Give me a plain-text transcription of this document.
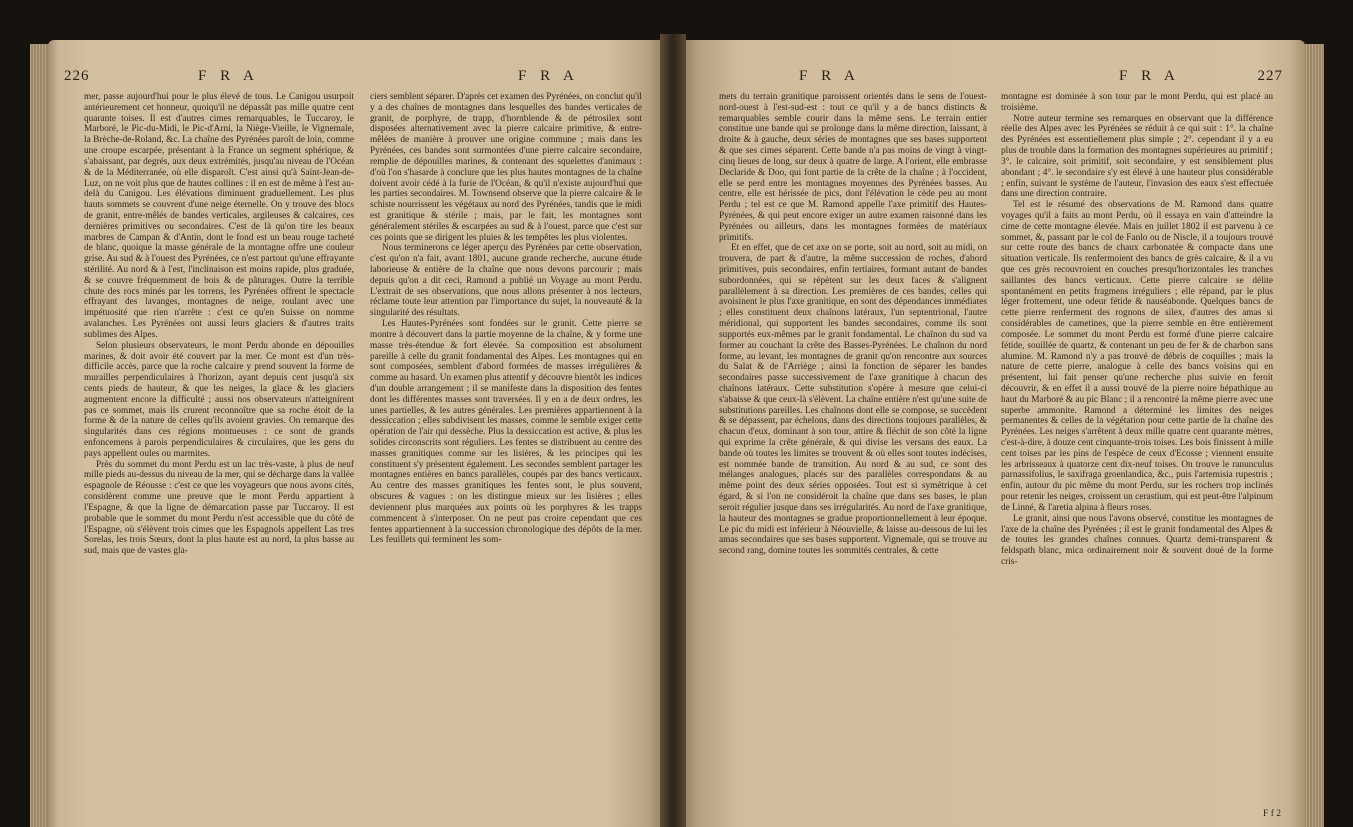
226	F R A	F R A

mer, passe aujourd'hui pour le plus élevé de tous. Le Canigou usurpoit antérieurement cet honneur, quoiqu'il ne dépassât pas mille quatre cent quarante toises. Il est d'autres cimes remarquables, le Tuccaroy, le Marboré, le Pic-du-Midi, le Pic-d'Arni, la Niège-Vieille, le Vignemale, la Brèche-de-Roland, &c. La chaîne des Pyrénées paroît de loin, comme une croupe escarpée, présentant à la France un segment sphérique, & s'abaissant, par degrés, aux deux extrémités, jusqu'au niveau de l'Océan & de la Méditerranée, où elle disparoît. C'est ainsi qu'à Saint-Jean-de-Luz, on ne voit plus que de hautes collines : il en est de même à l'est au-delà du Canigou. Les élévations diminuent graduellement. Les plus hauts sommets se couvrent d'une neige éternelle. On y trouve des blocs de granit, entre-mêlés de bandes verticales, argileuses & calcaires, ces dernières primitives ou secondaires. C'est de là qu'on tire les beaux marbres de Campan & d'Antin, dont le fond est un beau rouge tacheté de blanc, quoique la masse générale de la montagne offre une couleur grise. Au sud & à l'ouest des Pyrénées, ce n'est partout qu'une effrayante stérilité. Au nord & à l'est, l'inclinaison est moins rapide, plus graduée, & se couvre fréquemment de bois & de pâturages. Outre la terrible chute des rocs minés par les torrens, les Pyrénées offrent le spectacle effrayant des lavanges, montagnes de neige, roulant avec une impétuosité que rien n'arrête : c'est ce qu'en Suisse on nomme avalanches. Les Pyrénées ont aussi leurs glaciers & d'autres traits sublimes des Alpes.

Selon plusieurs observateurs, le mont Perdu abonde en dépouilles marines, & doit avoir été couvert par la mer. Ce mont est d'un très-difficile accès, parce que la roche calcaire y prend souvent la forme de murailles perpendiculaires à l'horizon, ayant depuis cent jusqu'à six cents pieds de hauteur, & que les neiges, la glace & les glaciers augmentent encore la difficulté ; aussi nos observateurs n'atteignirent pas ce sommet, mais ils crurent reconnoître que sa roche étoit de la forme & de la nature de celles qu'ils avoient gravies. On remarque des singularités dans ces régions montueuses : ce sont de grands enfoncemens à parois perpendiculaires & circulaires, que les gens du pays appellent oules ou marmites.

Près du sommet du mont Perdu est un lac très-vaste, à plus de neuf mille pieds au-dessus du niveau de la mer, qui se décharge dans la vallée espagnole de Réousse : c'est ce que les voyageurs que nous avons cités, considèrent comme une preuve que le mont Perdu appartient à l'Espagne, & que la ligne de démarcation passe par Tuccaroy. Il est probable que le sommet du mont Perdu n'est accessible que du côté de l'Espagne, où s'élèvent trois cimes que les Espagnols appellent Las tres Sorelas, les trois Sœurs, dont la plus haute est au nord, la plus basse au sud, mais que de vastes gla-

ciers semblent séparer. D'après cet examen des Pyrénées, on conclut qu'il y a des chaînes de montagnes dans lesquelles des bandes verticales de granit, de porphyre, de trapp, d'hornblende & de pétrosilex sont disposées alternativement avec la pierre calcaire primitive, & entre-mêlées de manière à prouver une origine commune ; mais dans les Pyrénées, ces bandes sont surmontées d'une pierre calcaire secondaire, remplie de dépouilles marines, & contenant des squelettes d'animaux : d'où l'on s'hasarde à conclure que les plus hautes montagnes de la chaîne doivent avoir cédé à la furie de l'Océan, & qu'il n'existe aujourd'hui que les parties secondaires. M. Townsend observe que la pierre calcaire & le schiste nourrissent les végétaux au nord des Pyrénées, tandis que le midi est granitique & stérile ; mais, par le fait, les montagnes sont généralement stériles & escarpées au sud & à l'ouest, parce que c'est sur ces points que se dirigent les pluies & les tempêtes les plus violentes.

Nous terminerons ce léger aperçu des Pyrénées par cette observation, c'est qu'on n'a fait, avant 1801, aucune grande recherche, aucune étude laborieuse & entière de la chaîne que nous devons parcourir ; mais depuis qu'on a dit ceci, Ramond a publié un Voyage au mont Perdu. L'extrait de ses observations, que nous allons présenter à nos lecteurs, réclame toute leur attention par l'importance du sujet, la nouveauté & la singularité des résultats.

Les Hautes-Pyrénées sont fondées sur le granit. Cette pierre se montre à découvert dans la partie moyenne de la chaîne, & y forme une masse très-étendue & fort élevée. Sa composition est absolument pareille à celle du granit fondamental des Alpes. Les montagnes qui en sont composées, semblent d'abord formées de masses irrégulières & comme au hasard. Un examen plus attentif y découvre bientôt les indices d'un double arrangement ; il se manifeste dans la disposition des fentes dont les différentes masses sont traversées. Il y en a de deux ordres, les unes partielles, & les autres générales. Les premières appartiennent à la dessiccation ; elles subdivisent les masses, comme le semble exiger cette opération de l'air qui dessèche. Plus la dessiccation est active, & plus les solides circonscrits sont réguliers. Les fentes se distribuent au centre des masses granitiques comme sur les lisières, & les principes qui les constituent s'y présentent également. Les secondes semblent partager les montagnes entières en bancs parallèles, coupés par des bancs verticaux. Au centre des masses granitiques les fentes sont, le plus souvent, obscures & vagues : on les distingue mieux sur les lisières ; elles deviennent plus marquées aux points où les porphyres & les trapps commencent à s'interposer. On ne peut pas croire cependant que ces fentes appartiennent à la succession chronologique des dépôts de la mer. Les feuillets qui terminent les som-

F R A	F R A	227

mets du terrain granitique paroissent orientés dans le sens de l'ouest-nord-ouest à l'est-sud-est : tout ce qu'il y a de bancs distincts & remarquables semble courir dans la même sens. Le terrain entier constitue une bande qui se prolonge dans la même direction, laissant, à droite & à gauche, deux séries de montagnes que ses bases supportent & que ses cimes séparent. Cette bande n'a pas moins de vingt à vingt-cinq lieues de long, sur deux à quatre de large. A l'orient, elle embrasse Declaride & Doo, qui font partie de la crête de la chaîne ; à l'occident, elle se perd entre les montagnes moyennes des Pyrénées basses. Au centre, elle est hérissée de pics, dont l'élévation le cède peu au mont Perdu ; tel est ce que M. Ramond appelle l'axe primitif des Hautes-Pyrénées, & qui peut encore exiger un autre examen raisonné dans les Pyrénées ou ailleurs, dans les montagnes formées de matériaux primitifs.

Et en effet, que de cet axe on se porte, soit au nord, soit au midi, on trouvera, de part & d'autre, la même succession de roches, d'abord primitives, puis secondaires, enfin tertiaires, formant autant de bandes subordonnées, qui se répètent sur les deux faces & s'alignent parallèlement à sa direction. Les premières de ces bandes, celles qui avoisinent le plus l'axe granitique, en sont des dépendances immédiates ; elles constituent deux chaînons latéraux, l'un septentrional, l'autre méridional, qui supportent les bandes secondaires, comme ils sont supportés eux-mêmes par le granit fondamental. Le chaînon du sud va former au couchant la crête des Basses-Pyrénées. Le chaînon du nord forme, au levant, les montagnes de granit qu'on rencontre aux sources du Salat & de l'Arriège ; ainsi la fonction de séparer les bandes secondaires passe successivement de l'axe granitique à chacun des chaînons latéraux. Cette substitution s'opère à mesure que celui-ci s'abaisse & que ceux-là s'élèvent. La chaîne entière n'est qu'une suite de substitutions pareilles. Les chaînons dont elle se compose, se succèdent & se dépassent, par échelons, dans des directions toujours parallèles, & chacun d'eux, dominant à son tour, attire & fléchit de son côté la ligne qui exprime la crête générale, & qui divise les versans des eaux. La bande où toutes les limites se trouvent & où elles sont toutes indécises, est nommée bande de transition. Au nord & au sud, ce sont des mélanges analogues, placés sur des parallèles correspondans & au même point des deux séries opposées. Tout est si symétrique à cet égard, & si l'on ne considéroit la chaîne que dans ses bases, le plan seroit régulier jusque dans ses irrégularités. Au nord de l'axe granitique, la hauteur des montagnes se gradue proportionnellement à leur époque. Le pic du midi est inférieur à Néouvielle, & laisse au-dessous de lui les amas secondaires que ses bases supportent. Vignemale, qui se trouve au second rang, domine toutes les sommités centrales, & cette

montagne est dominée à son tour par le mont Perdu, qui est placé au troisième.

Notre auteur termine ses remarques en observant que la différence réelle des Alpes avec les Pyrénées se réduit à ce qui suit : 1°. la chaîne des Pyrénées est essentiellement plus simple ; 2°. cependant il y a eu plus de trouble dans la formation des montagnes supérieures au primitif ; 3°. le calcaire, soit primitif, soit secondaire, y est sensiblement plus abondant ; 4°. le secondaire s'y est élevé à une hauteur plus considérable ; enfin, suivant le système de l'auteur, l'invasion des eaux s'est effectuée dans une direction contraire.

Tel est le résumé des observations de M. Ramond dans quatre voyages qu'il a faits au mont Perdu, où il essaya en vain d'atteindre la cime de cette montagne élevée. Mais en juillet 1802 il est parvenu à ce sommet, &, passant par le col de Fanlo ou de Niscle, il a toujours trouvé sur cette route des bancs de chaux carbonatée & compacte dans une situation verticale. Ils renfermoient des bancs de grès calcaire, & il a vu que ces grès recouvroient en couches presqu'horizontales les tranches saillantes des bancs verticaux. Cette pierre calcaire se délite spontanément en petits fragmens irréguliers ; elle répand, par le plus léger frottement, une odeur fétide & nauséabonde. Quelques bancs de cette pierre renferment des rognons de silex, d'autres des amas si considérables de cametines, que la pierre semble en être entièrement composée. Le sommet du mont Perdu est formé d'une pierre calcaire fétide, souillée de quartz, & contenant un peu de fer & de charbon sans alumine. M. Ramond n'y a pas trouvé de débris de coquilles ; mais la nature de cette pierre, analogue à celle des bancs voisins qui en présentent, lui fait penser qu'une recherche plus suivie en feroit découvrir, & en effet il a aussi trouvé de la pierre noire hépathique au haut du Marboré & au pic Blanc ; il a rencontré la même pierre avec une superbe ammonite. Ramond a déterminé les limites des neiges permanentes & celles de la végétation pour cette partie de la chaîne des Pyrénées. Les neiges s'arrêtent à deux mille quatre cent quarante mètres, c'est-à-dire, à douze cent cinquante-trois toises. Les bois finissent à mille cent toises par les pins de l'espèce de ceux d'Ecosse ; viennent ensuite les arbrisseaux à quatorze cent dix-neuf toises. On trouve le ranunculus parnassifolius, le saxifraga groenlandica, &c., puis l'artemisia rupestris ; enfin, autour du pic même du mont Perdu, sur les rochers trop inclinés pour retenir les neiges, croissent un cerastium, qui est peut-être l'alpinum de Linné, & l'aretia alpina à fleurs roses.

Le granit, ainsi que nous l'avons observé, constitue les montagnes de l'axe de la chaîne des Pyrénées ; il est le granit fondamental des Alpes & de toutes les grandes chaînes connues. Quartz demi-transparent & feldspath blanc, mica ordinairement noir & souvent doué de la forme cris-

F f 2
